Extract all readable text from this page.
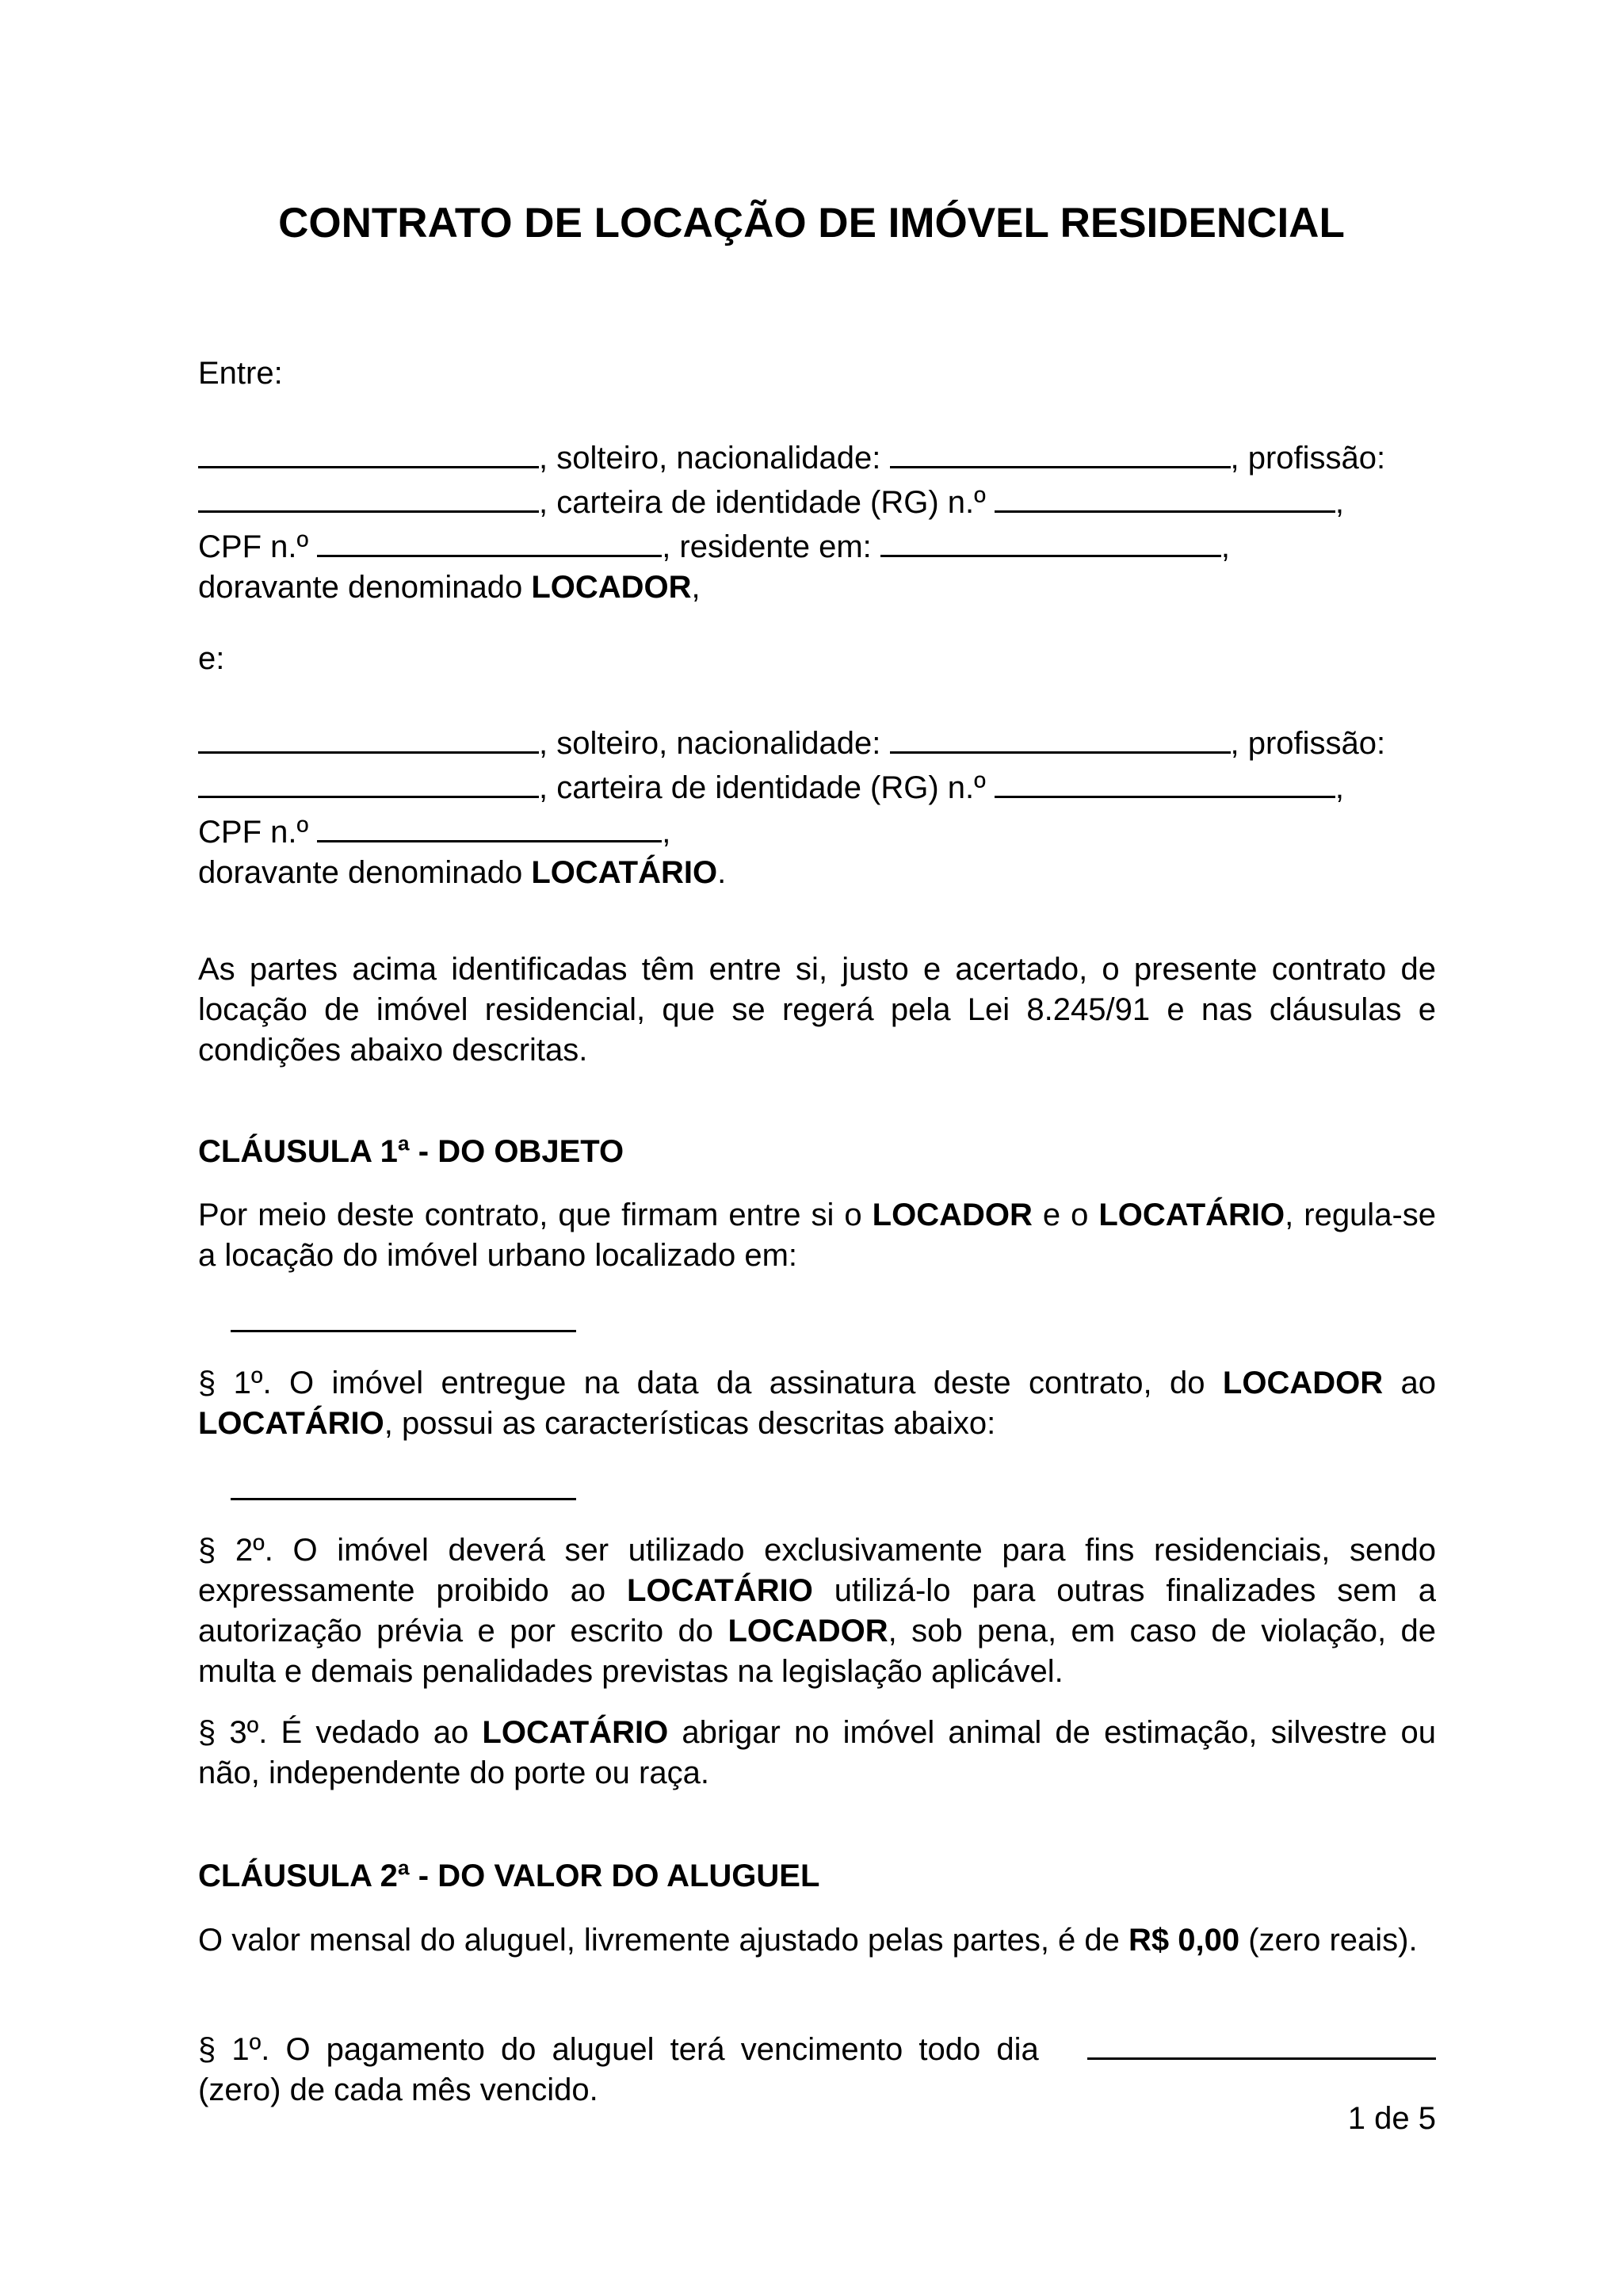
CONTRATO DE LOCAÇÃO DE IMÓVEL RESIDENCIAL
Entre:
, solteiro, nacionalidade:	, profissão:
, carteira de identidade (RG) n.º	,
CPF n.º	, residente em:	,
doravante denominado LOCADOR,
e:
, solteiro, nacionalidade:	, profissão:
, carteira de identidade (RG) n.º	,
CPF n.º	,
doravante denominado LOCATÁRIO.
As partes acima identificadas têm entre si, justo e acertado, o presente contrato de locação de imóvel residencial, que se regerá pela Lei 8.245/91 e nas cláusulas e condições abaixo descritas.
CLÁUSULA 1ª - DO OBJETO
Por meio deste contrato, que firmam entre si o LOCADOR e o LOCATÁRIO, regula-se a locação do imóvel urbano localizado em:
§ 1º. O imóvel entregue na data da assinatura deste contrato, do LOCADOR ao LOCATÁRIO, possui as características descritas abaixo:
§ 2º. O imóvel deverá ser utilizado exclusivamente para fins residenciais, sendo expressamente proibido ao LOCATÁRIO utilizá-lo para outras finalizades sem a autorização prévia e por escrito do LOCADOR, sob pena, em caso de violação, de multa e demais penalidades previstas na legislação aplicável.
§ 3º. É vedado ao LOCATÁRIO abrigar no imóvel animal de estimação, silvestre ou não, independente do porte ou raça.
CLÁUSULA 2ª - DO VALOR DO ALUGUEL
O valor mensal do aluguel, livremente ajustado pelas partes, é de R$ 0,00 (zero reais).
§ 1º. O pagamento do aluguel terá vencimento todo dia
(zero) de cada mês vencido.
1 de 5
